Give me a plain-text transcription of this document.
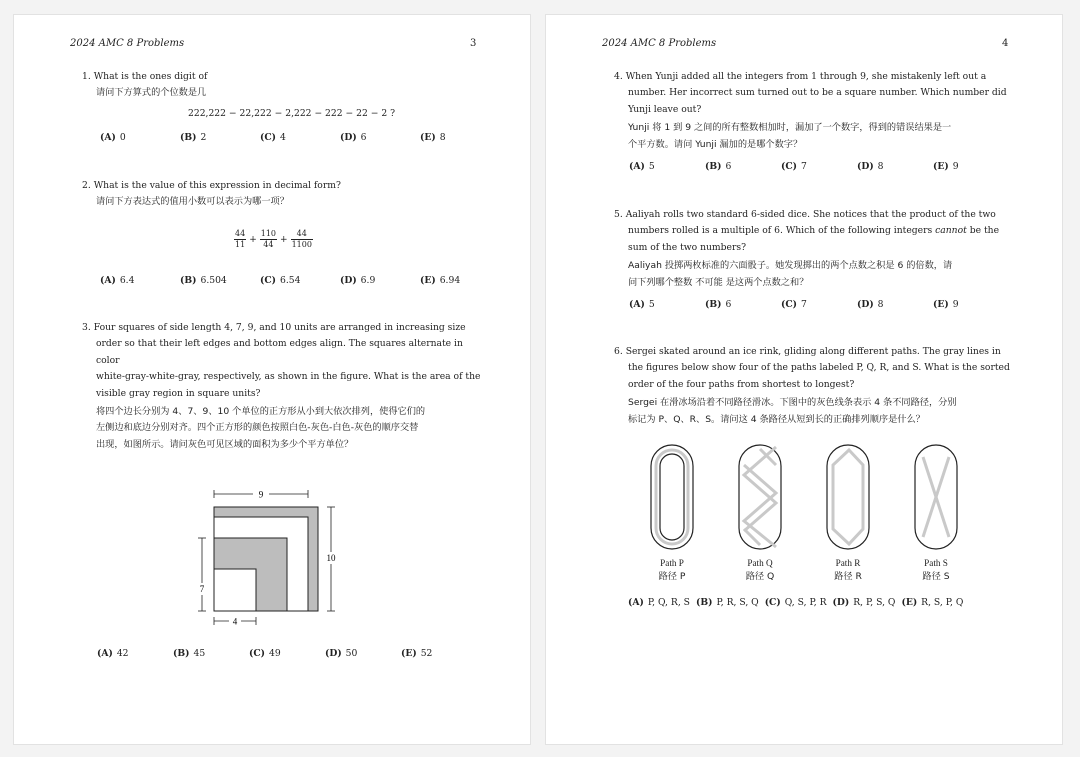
2024 AMC 8 Problems	3

1. What is the ones digit of

请问下方算式的个位数是几

222,222 − 22,222 − 2,222 − 222 − 22 − 2 ?
(A) 0	(B) 2	(C) 4	(D) 6	(E) 8

2. What is the value of this expression in decimal form?

请问下方表达式的值用小数可以表示为哪一项？

$\frac{44}{11} + \frac{110}{44} + \frac{44}{1100}$
(A) 6.4	(B) 6.504	(C) 6.54	(D) 6.9	(E) 6.94

3. Four squares of side length 4, 7, 9, and 10 units are arranged in increasing size

order so that their left edges and bottom edges align. The squares alternate in color

white-gray-white-gray, respectively, as shown in the figure. What is the area of the

visible gray region in square units?

将四个边长分别为 4、7、9、10 个单位的正方形从小到大依次排列，使得它们的

左侧边和底边分别对齐。四个正方形的颜色按照白色-灰色-白色-灰色的顺序交替

出现，如图所示。请问灰色可见区域的面积为多少个平方单位？

9
10
7
4
(A) 42	(B) 45	(C) 49	(D) 50	(E) 52
2024 AMC 8 Problems	4

4. When Yunji added all the integers from 1 through 9, she mistakenly left out a

number. Her incorrect sum turned out to be a square number. Which number did

Yunji leave out?

Yunji 将 1 到 9 之间的所有整数相加时，漏加了一个数字，得到的错误结果是一

个平方数。请问 Yunji 漏加的是哪个数字？

(A) 5	(B) 6	(C) 7	(D) 8	(E) 9

5. Aaliyah rolls two standard 6-sided dice. She notices that the product of the two

numbers rolled is a multiple of 6. Which of the following integers cannot be the

sum of the two numbers?

Aaliyah 投掷两枚标准的六面骰子。她发现掷出的两个点数之积是 6 的倍数，请

问下列哪个整数 不可能 是这两个点数之和？

(A) 5	(B) 6	(C) 7	(D) 8	(E) 9

6. Sergei skated around an ice rink, gliding along different paths. The gray lines in

the figures below show four of the paths labeled P, Q, R, and S. What is the sorted

order of the four paths from shortest to longest?

Sergei 在滑冰场沿着不同路径滑冰。下图中的灰色线条表示 4 条不同路径，分别

标记为 P、Q、R、S。请问这 4 条路径从短到长的正确排列顺序是什么？

Path P
路径 P
Path Q
路径 Q
Path R
路径 R
Path S
路径 S
(A) P, Q, R, S (B) P, R, S, Q (C) Q, S, P, R (D) R, P, S, Q (E) R, S, P, Q
